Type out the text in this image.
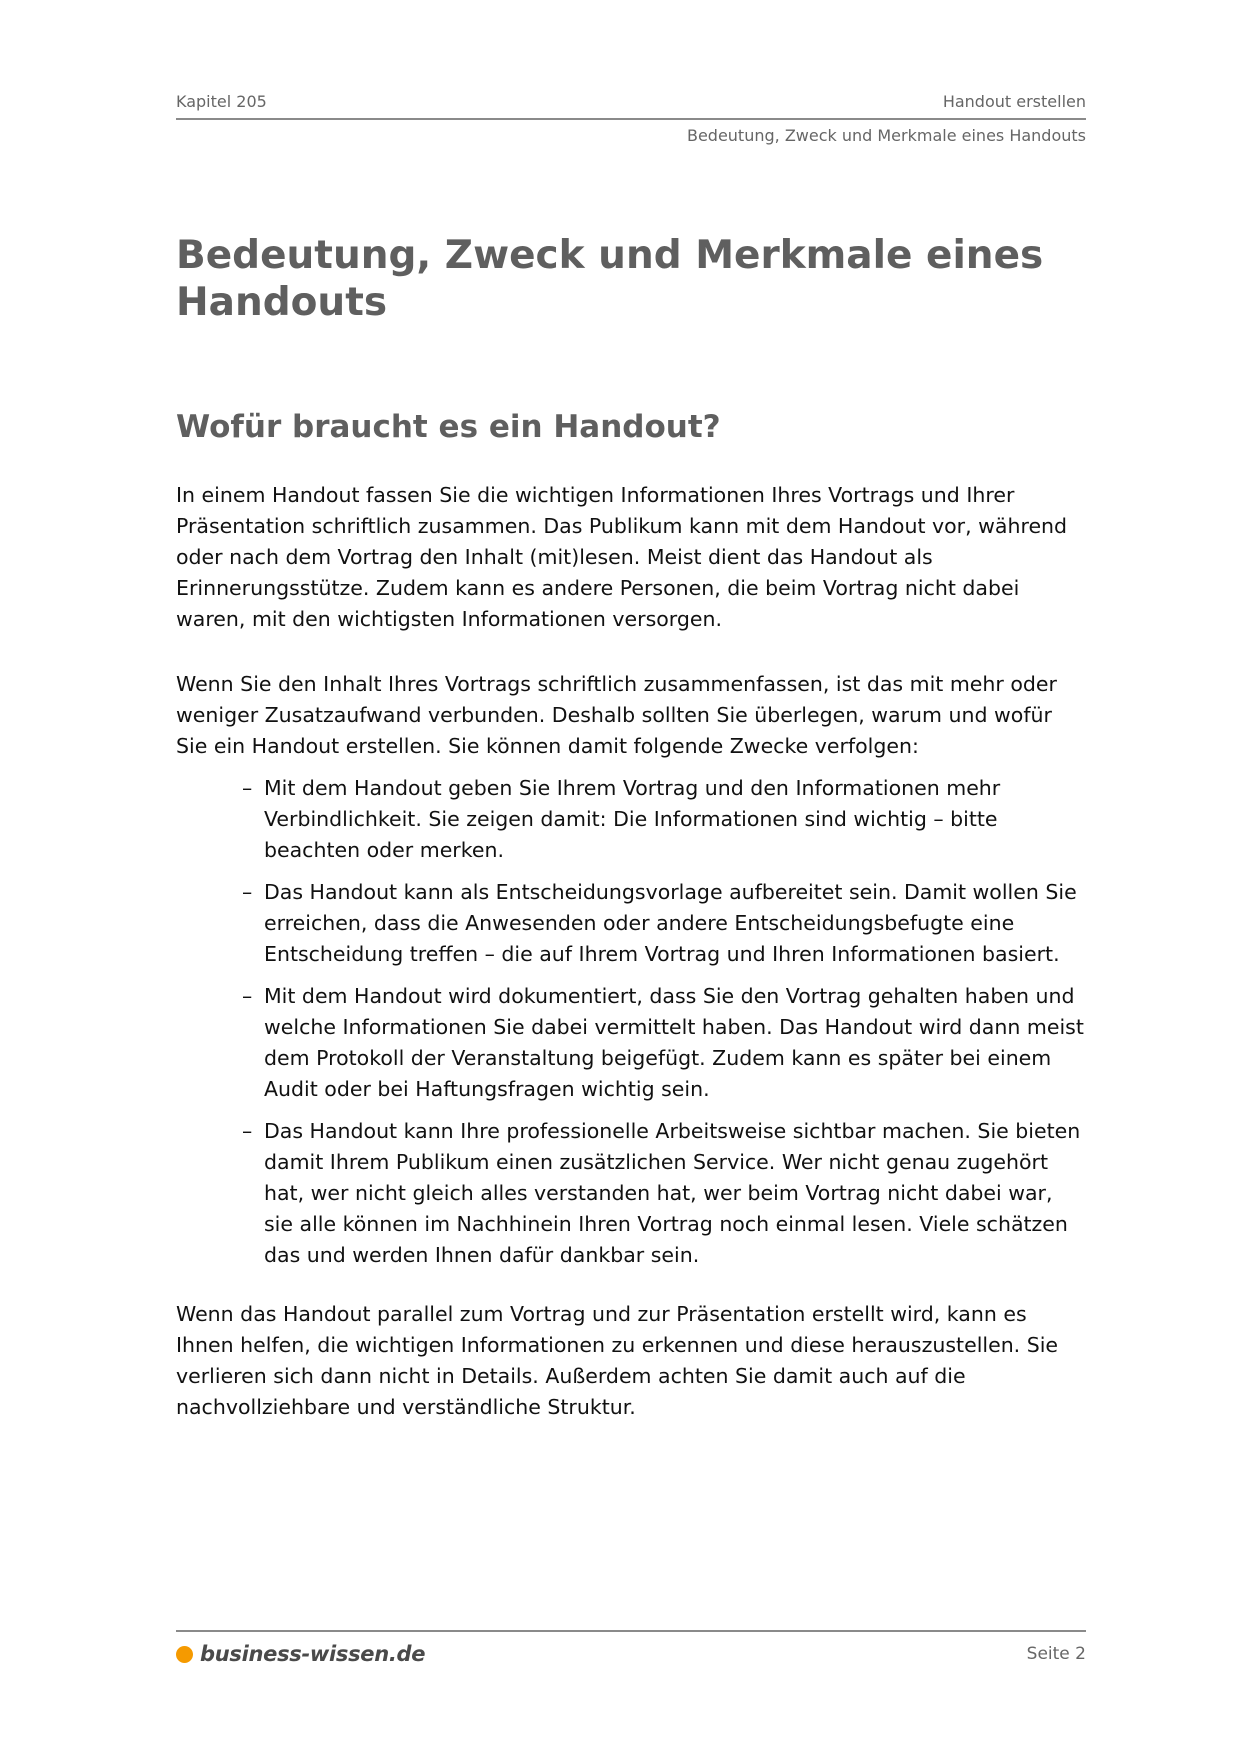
Kapitel 205	Handout erstellen
Bedeutung, Zweck und Merkmale eines Handouts
Bedeutung, Zweck und Merkmale eines Handouts
Wofür braucht es ein Handout?

In einem Handout fassen Sie die wichtigen Informationen Ihres Vortrags und Ihrer Präsentation schriftlich zusammen. Das Publikum kann mit dem Handout vor, während oder nach dem Vortrag den Inhalt (mit)lesen. Meist dient das Handout als Erinnerungsstütze. Zudem kann es andere Personen, die beim Vortrag nicht dabei waren, mit den wichtigsten Informationen versorgen.

Wenn Sie den Inhalt Ihres Vortrags schriftlich zusammenfassen, ist das mit mehr oder weniger Zusatzaufwand verbunden. Deshalb sollten Sie überlegen, warum und wofür Sie ein Handout erstellen. Sie können damit folgende Zwecke verfolgen:

– Mit dem Handout geben Sie Ihrem Vortrag und den Informationen mehr Verbindlichkeit. Sie zeigen damit: Die Informationen sind wichtig – bitte beachten oder merken.
– Das Handout kann als Entscheidungsvorlage aufbereitet sein. Damit wollen Sie erreichen, dass die Anwesenden oder andere Entscheidungsbefugte eine Entscheidung treffen – die auf Ihrem Vortrag und Ihren Informationen basiert.
– Mit dem Handout wird dokumentiert, dass Sie den Vortrag gehalten haben und welche Informationen Sie dabei vermittelt haben. Das Handout wird dann meist dem Protokoll der Veranstaltung beigefügt. Zudem kann es später bei einem Audit oder bei Haftungsfragen wichtig sein.
– Das Handout kann Ihre professionelle Arbeitsweise sichtbar machen. Sie bieten damit Ihrem Publikum einen zusätzlichen Service. Wer nicht genau zugehört hat, wer nicht gleich alles verstanden hat, wer beim Vortrag nicht dabei war, sie alle können im Nachhinein Ihren Vortrag noch einmal lesen. Viele schätzen das und werden Ihnen dafür dankbar sein.

Wenn das Handout parallel zum Vortrag und zur Präsentation erstellt wird, kann es Ihnen helfen, die wichtigen Informationen zu erkennen und diese herauszustellen. Sie verlieren sich dann nicht in Details. Außerdem achten Sie damit auch auf die nachvollziehbare und verständliche Struktur.

business-wissen.de	Seite 2
